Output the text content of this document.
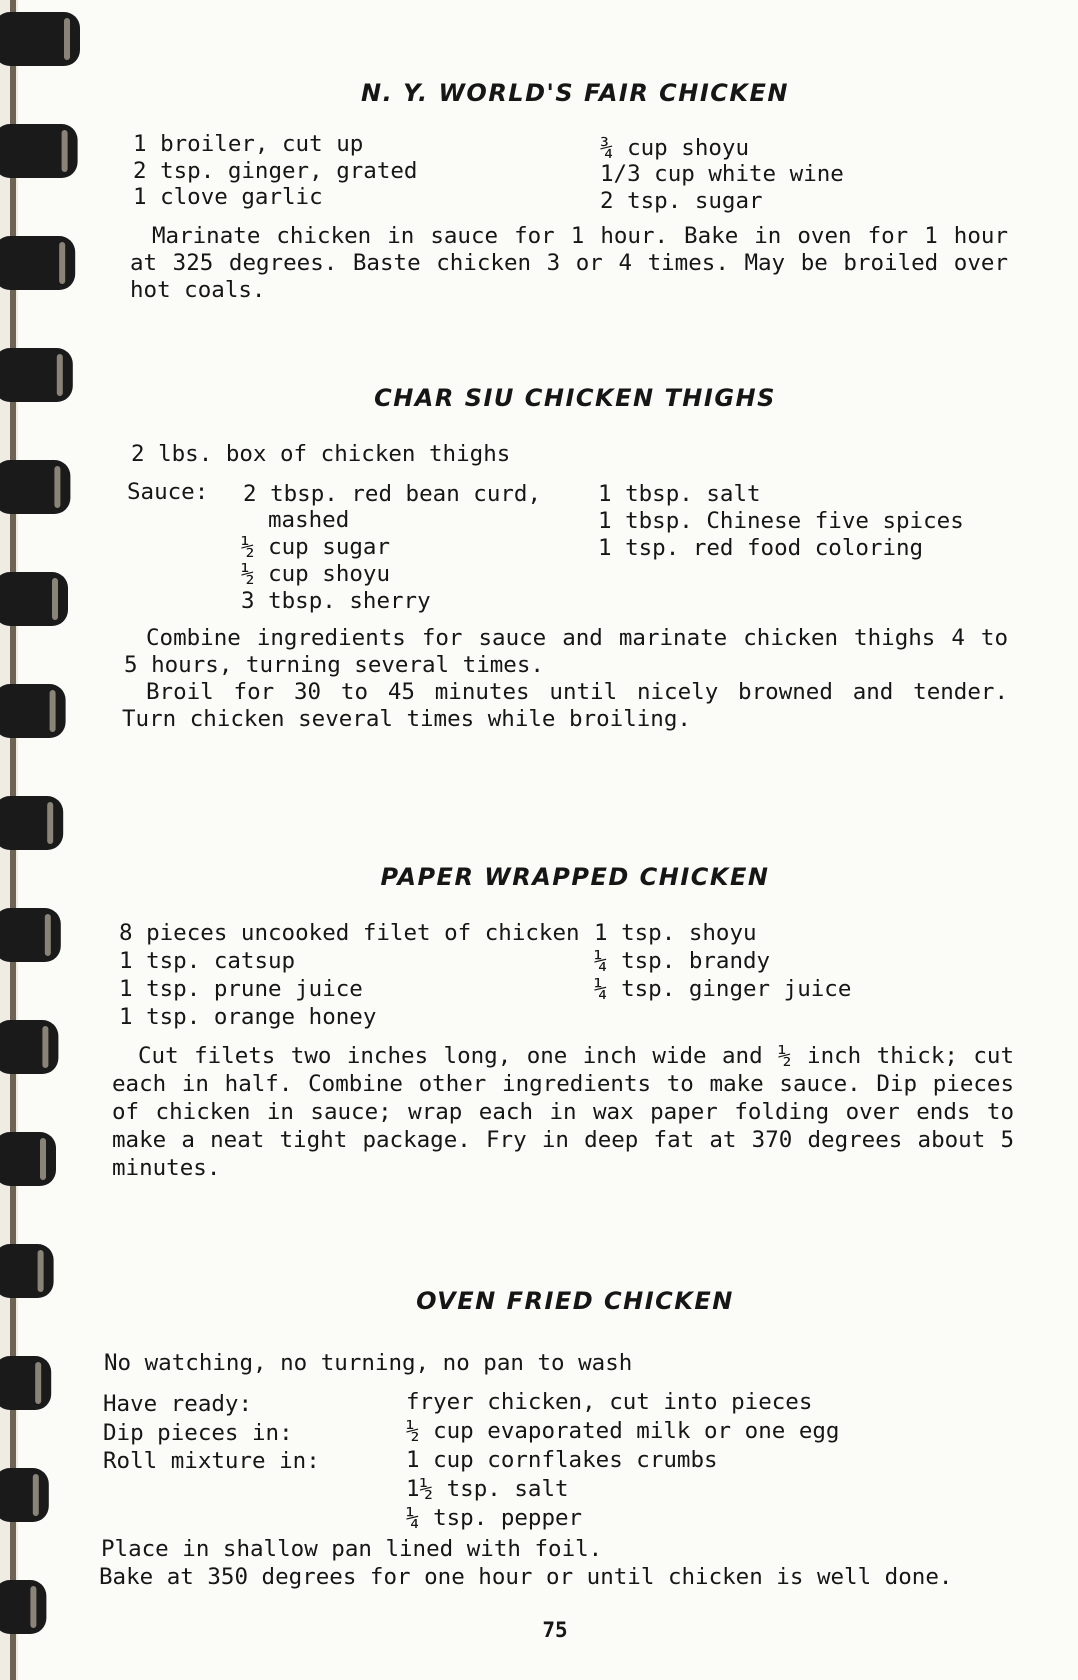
N. Y. WORLD'S FAIR CHICKEN
1 broiler, cut up
2 tsp. ginger, grated
1 clove garlic
¾ cup shoyu
1/3 cup white wine
2 tsp. sugar
Marinate chicken in sauce for 1 hour. Bake in oven for 1 hour at 325 degrees. Baste chicken 3 or 4 times. May be broiled over hot coals.
CHAR SIU CHICKEN THIGHS
2 lbs. box of chicken thighs
Sauce: 2 tbsp. red bean curd,
mashed
½ cup sugar
½ cup shoyu
3 tbsp. sherry
1 tbsp. salt
1 tbsp. Chinese five spices
1 tsp. red food coloring
Combine ingredients for sauce and marinate chicken thighs 4 to 5 hours, turning several times.
Broil for 30 to 45 minutes until nicely browned and tender. Turn chicken several times while broiling.
PAPER WRAPPED CHICKEN
8 pieces uncooked filet of chicken
1 tsp. catsup
1 tsp. prune juice
1 tsp. orange honey
1 tsp. shoyu
¼ tsp. brandy
¼ tsp. ginger juice
Cut filets two inches long, one inch wide and ½ inch thick; cut each in half. Combine other ingredients to make sauce. Dip pieces of chicken in sauce; wrap each in wax paper folding over ends to make a neat tight package. Fry in deep fat at 370 degrees about 5 minutes.
OVEN FRIED CHICKEN
No watching, no turning, no pan to wash
Have ready:
Dip pieces in:
Roll mixture in:
fryer chicken, cut into pieces
½ cup evaporated milk or one egg
1 cup cornflakes crumbs
1½ tsp. salt
¼ tsp. pepper
Place in shallow pan lined with foil.
Bake at 350 degrees for one hour or until chicken is well done.
75
